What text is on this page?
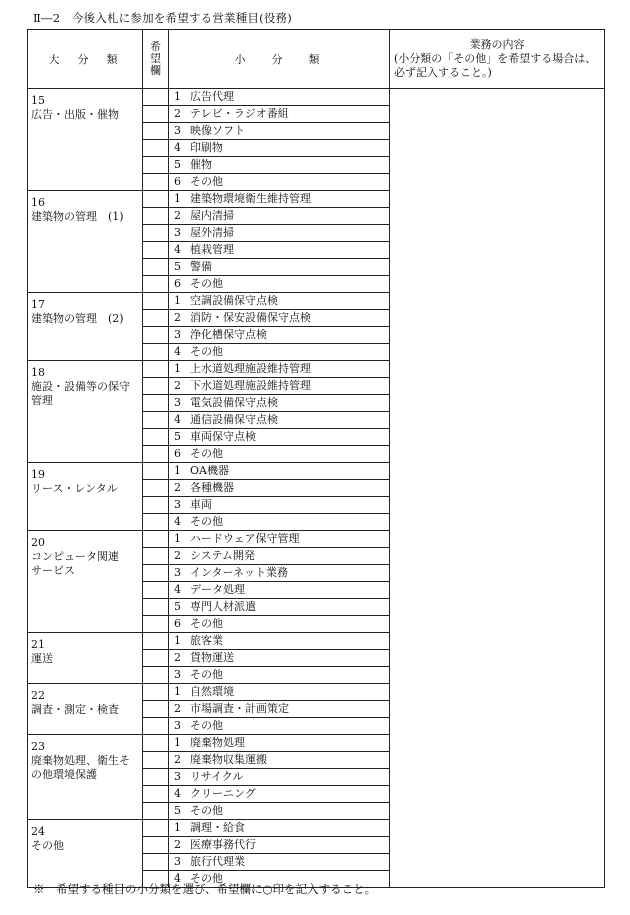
Ⅱ―2　今後入札に参加を希望する営業種目(役務)
大分類	希
望
欄	小分類	業務の内容
(小分類の「その他」を希望する場合は、
必ず記入すること。)

15
広告・出版・催物		1 広告代理	
		2 テレビ・ラジオ番組	
		3 映像ソフト	
		4 印刷物	
		5 催物	
		6 その他	

16
建築物の管理　(1)		1 建築物環境衛生維持管理	
		2 屋内清掃	
		3 屋外清掃	
		4 植栽管理	
		5 警備	
		6 その他	

17
建築物の管理　(2)		1 空調設備保守点検	
		2 消防・保安設備保守点検	
		3 浄化槽保守点検	
		4 その他	

18
施設・設備等の保守
管理		1 上水道処理施設維持管理	
		2 下水道処理施設維持管理	
		3 電気設備保守点検	
		4 通信設備保守点検	
		5 車両保守点検	
		6 その他	

19
リース・レンタル		1 OA機器	
		2 各種機器	
		3 車両	
		4 その他	

20
コンピュータ関連
サービス		1 ハードウェア保守管理	
		2 システム開発	
		3 インターネット業務	
		4 データ処理	
		5 専門人材派遣	
		6 その他	

21
運送		1 旅客業	
		2 貨物運送	
		3 その他	

22
調査・測定・検査		1 自然環境	
		2 市場調査・計画策定	
		3 その他	

23
廃棄物処理、衛生そ
の他環境保護		1 廃棄物処理	
		2 廃棄物収集運搬	
		3 リサイクル	
		4 クリーニング	
		5 その他	

24
その他		1 調理・給食	
		2 医療事務代行	
		3 旅行代理業	
		4 その他	
※　希望する種目の小分類を選び、希望欄に○印を記入すること。
